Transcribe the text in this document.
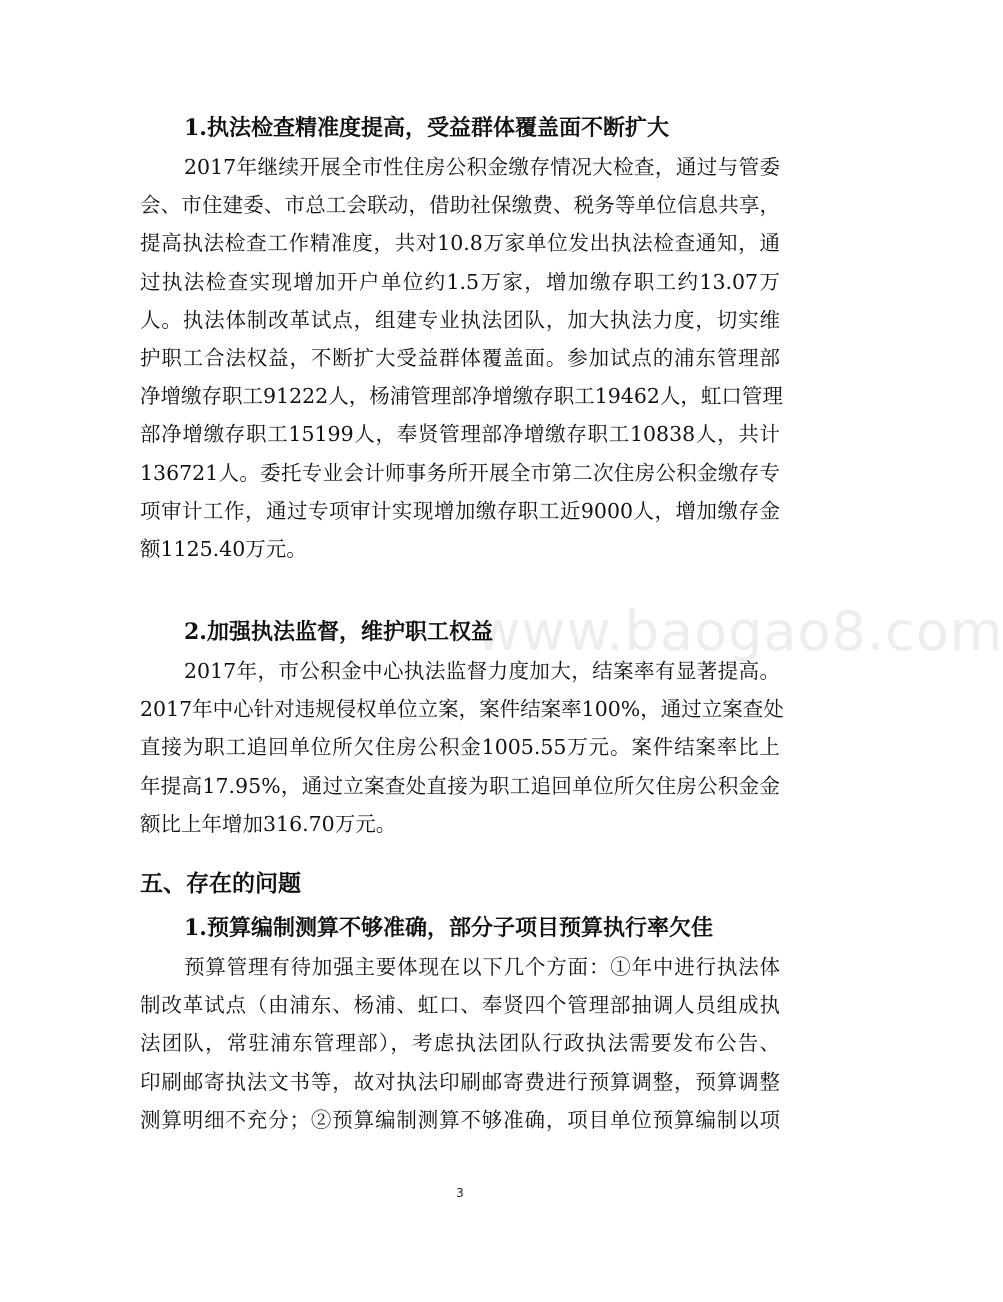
1.执法检查精准度提高，受益群体覆盖面不断扩大
2017年继续开展全市性住房公积金缴存情况大检查，通过与管委
会、市住建委、市总工会联动，借助社保缴费、税务等单位信息共享，
提高执法检查工作精准度，共对10.8万家单位发出执法检查通知，通
过执法检查实现增加开户单位约1.5万家，增加缴存职工约13.07万
人。执法体制改革试点，组建专业执法团队，加大执法力度，切实维
护职工合法权益，不断扩大受益群体覆盖面。参加试点的浦东管理部
净增缴存职工91222人，杨浦管理部净增缴存职工19462人，虹口管理
部净增缴存职工15199人，奉贤管理部净增缴存职工10838人，共计
136721人。委托专业会计师事务所开展全市第二次住房公积金缴存专
项审计工作，通过专项审计实现增加缴存职工近9000人，增加缴存金
额1125.40万元。
2.加强执法监督，维护职工权益
2017年，市公积金中心执法监督力度加大，结案率有显著提高。
2017年中心针对违规侵权单位立案，案件结案率100%，通过立案查处
直接为职工追回单位所欠住房公积金1005.55万元。案件结案率比上
年提高17.95%，通过立案查处直接为职工追回单位所欠住房公积金金
额比上年增加316.70万元。
五、存在的问题
1.预算编制测算不够准确，部分子项目预算执行率欠佳
预算管理有待加强主要体现在以下几个方面：①年中进行执法体
制改革试点（由浦东、杨浦、虹口、奉贤四个管理部抽调人员组成执
法团队，常驻浦东管理部），考虑执法团队行政执法需要发布公告、
印刷邮寄执法文书等，故对执法印刷邮寄费进行预算调整，预算调整
测算明细不充分；②预算编制测算不够准确，项目单位预算编制以项
www.baogao8.com
3
